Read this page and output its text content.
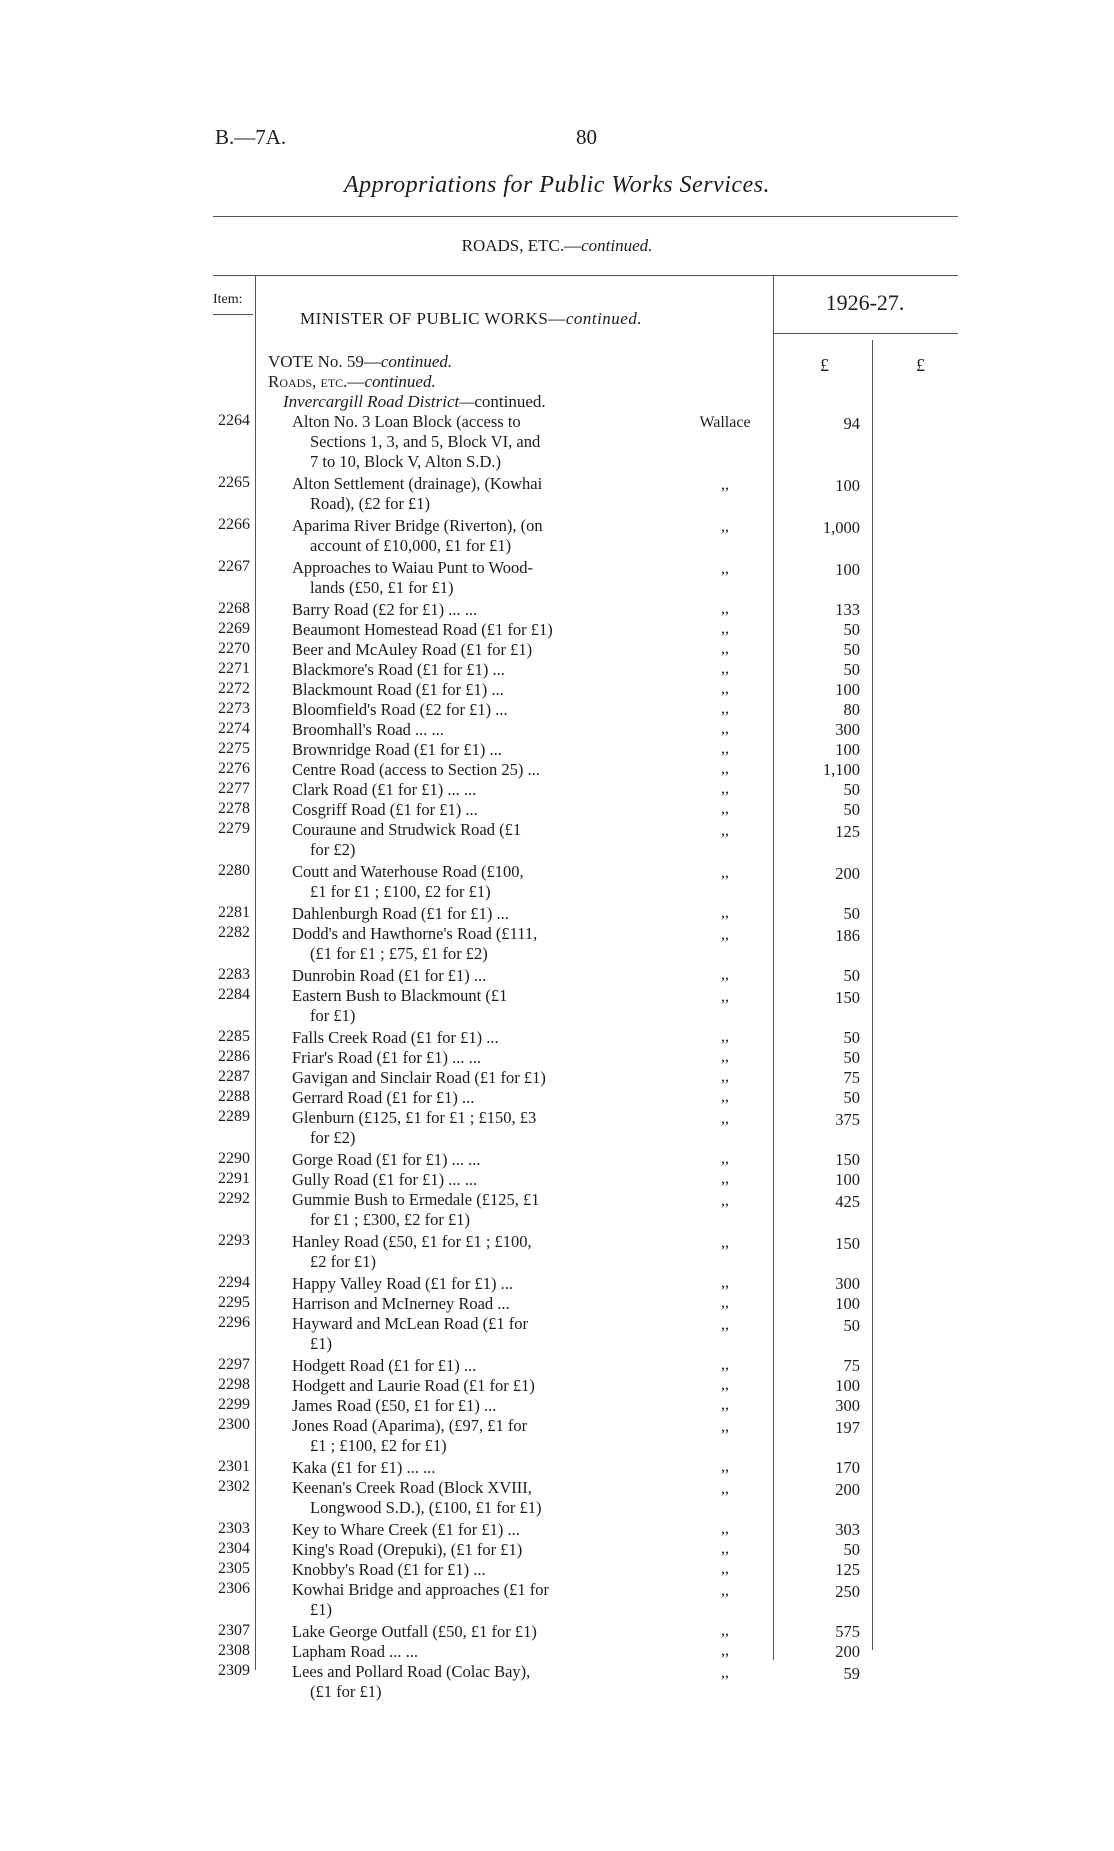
B.—7A.	80
Appropriations for Public Works Services.
ROADS, ETC.—continued.
Item:
MINISTER OF PUBLIC WORKS—continued.
1926-27.
£	£
VOTE No. 59—continued.
Roads, etc.—continued.
Invercargill Road District—continued.
2264	Alton No. 3 Loan Block (access to
Sections 1, 3, and 5, Block VI, and
7 to 10, Block V, Alton S.D.)
Wallace	94
2265	Alton Settlement (drainage), (Kowhai
Road), (£2 for £1)
,,	100
2266	Aparima River Bridge (Riverton), (on
account of £10,000, £1 for £1)
,,	1,000
2267	Approaches to Waiau Punt to Wood-
lands (£50, £1 for £1)
,,	100
2268	Barry Road (£2 for £1) ... ...	,,	133
2269	Beaumont Homestead Road (£1 for £1)	,,	50
2270	Beer and McAuley Road (£1 for £1)	,,	50
2271	Blackmore's Road (£1 for £1) ...	,,	50
2272	Blackmount Road (£1 for £1) ...	,,	100
2273	Bloomfield's Road (£2 for £1) ...	,,	80
2274	Broomhall's Road ... ...	,,	300
2275	Brownridge Road (£1 for £1) ...	,,	100
2276	Centre Road (access to Section 25) ...	,,	1,100
2277	Clark Road (£1 for £1) ... ...	,,	50
2278	Cosgriff Road (£1 for £1) ...	,,	50
2279	Couraune and Strudwick Road (£1
for £2)
,,	125
2280	Coutt and Waterhouse Road (£100,
£1 for £1 ; £100, £2 for £1)
,,	200
2281	Dahlenburgh Road (£1 for £1) ...	,,	50
2282	Dodd's and Hawthorne's Road (£111,
(£1 for £1 ; £75, £1 for £2)
,,	186
2283	Dunrobin Road (£1 for £1) ...	,,	50
2284	Eastern Bush to Blackmount (£1
for £1)
,,	150
2285	Falls Creek Road (£1 for £1) ...	,,	50
2286	Friar's Road (£1 for £1) ... ...	,,	50
2287	Gavigan and Sinclair Road (£1 for £1)	,,	75
2288	Gerrard Road (£1 for £1) ...	,,	50
2289	Glenburn (£125, £1 for £1 ; £150, £3
for £2)
,,	375
2290	Gorge Road (£1 for £1) ... ...	,,	150
2291	Gully Road (£1 for £1) ... ...	,,	100
2292	Gummie Bush to Ermedale (£125, £1
for £1 ; £300, £2 for £1)
,,	425
2293	Hanley Road (£50, £1 for £1 ; £100,
£2 for £1)
,,	150
2294	Happy Valley Road (£1 for £1) ...	,,	300
2295	Harrison and McInerney Road ...	,,	100
2296	Hayward and McLean Road (£1 for
£1)
,,	50
2297	Hodgett Road (£1 for £1) ...	,,	75
2298	Hodgett and Laurie Road (£1 for £1)	,,	100
2299	James Road (£50, £1 for £1) ...	,,	300
2300	Jones Road (Aparima), (£97, £1 for
£1 ; £100, £2 for £1)
,,	197
2301	Kaka (£1 for £1) ... ...	,,	170
2302	Keenan's Creek Road (Block XVIII,
Longwood S.D.), (£100, £1 for £1)
,,	200
2303	Key to Whare Creek (£1 for £1) ...	,,	303
2304	King's Road (Orepuki), (£1 for £1)	,,	50
2305	Knobby's Road (£1 for £1) ...	,,	125
2306	Kowhai Bridge and approaches (£1 for
£1)
,,	250
2307	Lake George Outfall (£50, £1 for £1)	,,	575
2308	Lapham Road ... ...	,,	200
2309	Lees and Pollard Road (Colac Bay),
(£1 for £1)
,,	59
